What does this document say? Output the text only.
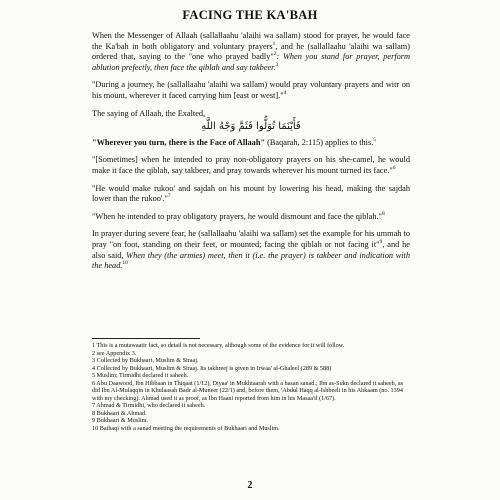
FACING THE KA'BAH

When the Messenger of Allaah (sallallaahu 'alaihi wa sallam) stood for prayer, he would face the Ka'bah in both obligatory and voluntary prayers$^1$, and he (sallallaahu 'alaihi wa sallam) ordered that, saying to the "one who prayed badly"$^2$: When you stand for prayer, perform ablution prefectly, then face the qiblah and say takbeer.$^3$

"During a journey, he (sallallaahu 'alaihi wa sallam) would pray voluntary prayers and witr on his mount, wherever it faced carrying him [east or west]."$^4$

The saying of Allaah, the Exalted,

فَأَيْنَمَا تُوَلُّوا فَثَمَّ وَجْهُ اللَّهِ

"Wherever you turn, there is the Face of Allaah" (Baqarah, 2:115) applies to this.$^5$

"[Sometimes] when he intended to pray non-obligatory prayers on his she-camel, he would make it face the qiblah, say takbeer, and pray towards wherever his mount turned its face."$^6$

"He would make rukoo' and sajdah on his mount by lowering his head, making the sajdah lower than the rukoo'."$^7$

"When he intended to pray obligatory prayers, he would dismount and face the qiblah."$^8$

In prayer during severe fear, he (sallallaahu 'alaihi wa sallam) set the example for his ummah to pray "on foot, standing on their feet, or mounted; facing the qiblah or not facing it"$^9$, and he also said, When they (the armies) meet, then it (i.e. the prayer) is takbeer and indication with the head.$^{10}$

1 This is a mutawaatir fact, so detail is not necessary, although some of the evidence for it will follow.

2 see Appendix 3.

3 Collected by Bukhaari, Muslim & Siraaj.

4 Collected by Bukhaari, Muslim & Siraaj. Its takhreej is given in Irwaa' al-Ghaleel (289 & 588)

5 Muslim; Tirmidhi declared it saheeh.

6 Abu Daawood, Ibn Hibbaan in Thiqaat (1/12), Diyaa' in Mukhtaarah with a hasan sanad.; Ibn as-Sukn declared it saheeh, as did Ibn Al-Mulaqqin in Khulaasah Badr al-Muneer (22/1) and, before them, 'Abdul Haqq al-Ishbeeli in his Ahkaam (no. 1394 with my checking). Ahmad used it as proof, as Ibn Haani reported from him in his Masaa'il (1/67).

7 Ahmad & Tirmidhi, who declared it saheeh.

8 Bukhaari & Ahmad.

9 Bukhaari & Muslim.

10 Baihaqi with a sanad meeting the requirements of Bukhaari and Muslim.

2
